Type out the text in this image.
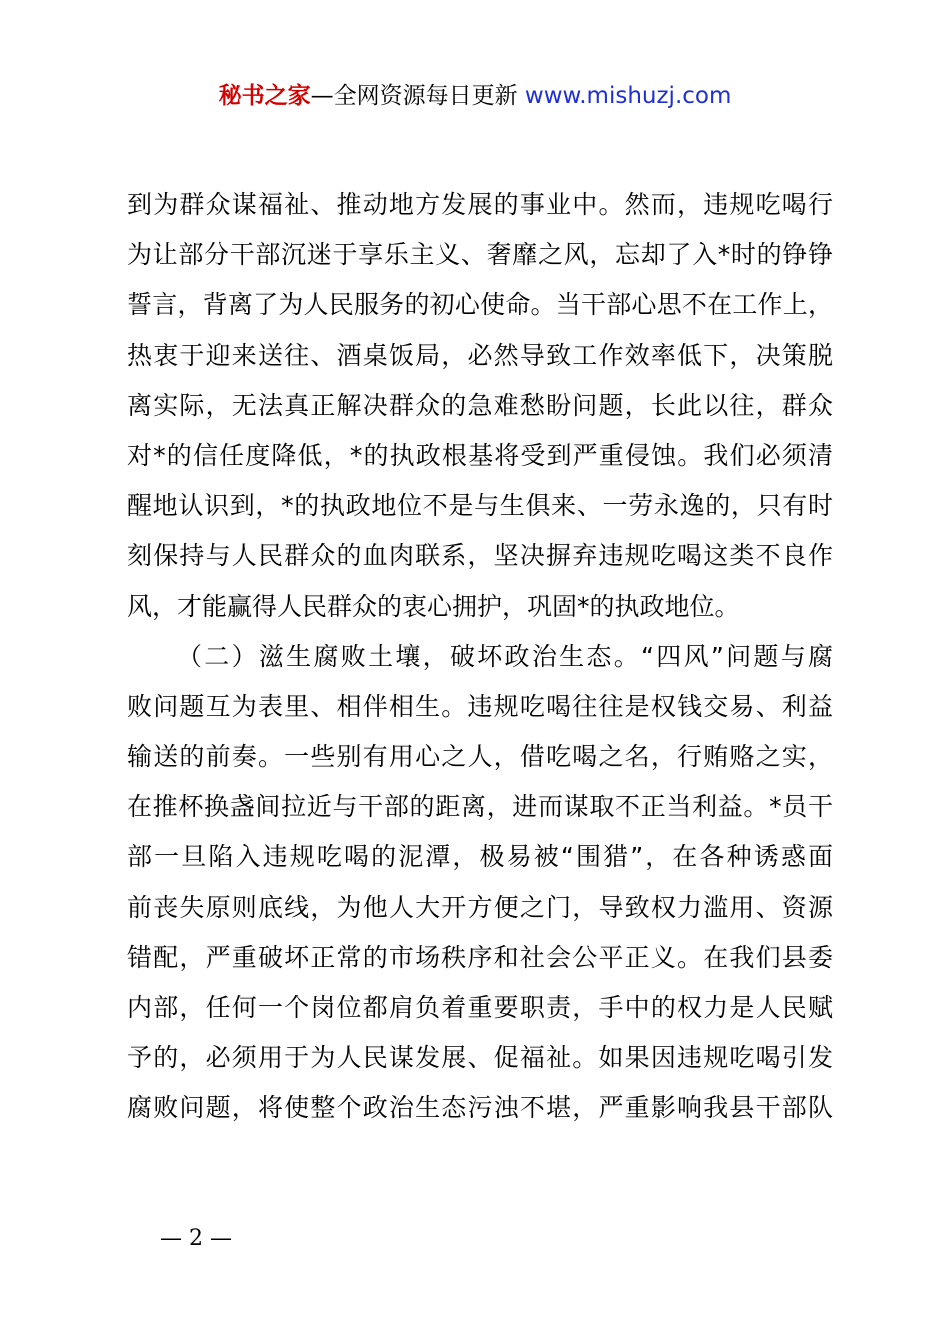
秘书之家—全网资源每日更新 www.mishuzj.com
到为群众谋福祉、推动地方发展的事业中。然而，违规吃喝行
为让部分干部沉迷于享乐主义、奢靡之风，忘却了入*时的铮铮
誓言，背离了为人民服务的初心使命。当干部心思不在工作上，
热衷于迎来送往、酒桌饭局，必然导致工作效率低下，决策脱
离实际，无法真正解决群众的急难愁盼问题，长此以往，群众
对*的信任度降低，*的执政根基将受到严重侵蚀。我们必须清
醒地认识到，*的执政地位不是与生俱来、一劳永逸的，只有时
刻保持与人民群众的血肉联系，坚决摒弃违规吃喝这类不良作
风，才能赢得人民群众的衷心拥护，巩固*的执政地位。
（二）滋生腐败土壤，破坏政治生态。“四风”问题与腐
败问题互为表里、相伴相生。违规吃喝往往是权钱交易、利益
输送的前奏。一些别有用心之人，借吃喝之名，行贿赂之实，
在推杯换盏间拉近与干部的距离，进而谋取不正当利益。*员干
部一旦陷入违规吃喝的泥潭，极易被“围猎”，在各种诱惑面
前丧失原则底线，为他人大开方便之门，导致权力滥用、资源
错配，严重破坏正常的市场秩序和社会公平正义。在我们县委
内部，任何一个岗位都肩负着重要职责，手中的权力是人民赋
予的，必须用于为人民谋发展、促福祉。如果因违规吃喝引发
腐败问题，将使整个政治生态污浊不堪，严重影响我县干部队
— 2 —
